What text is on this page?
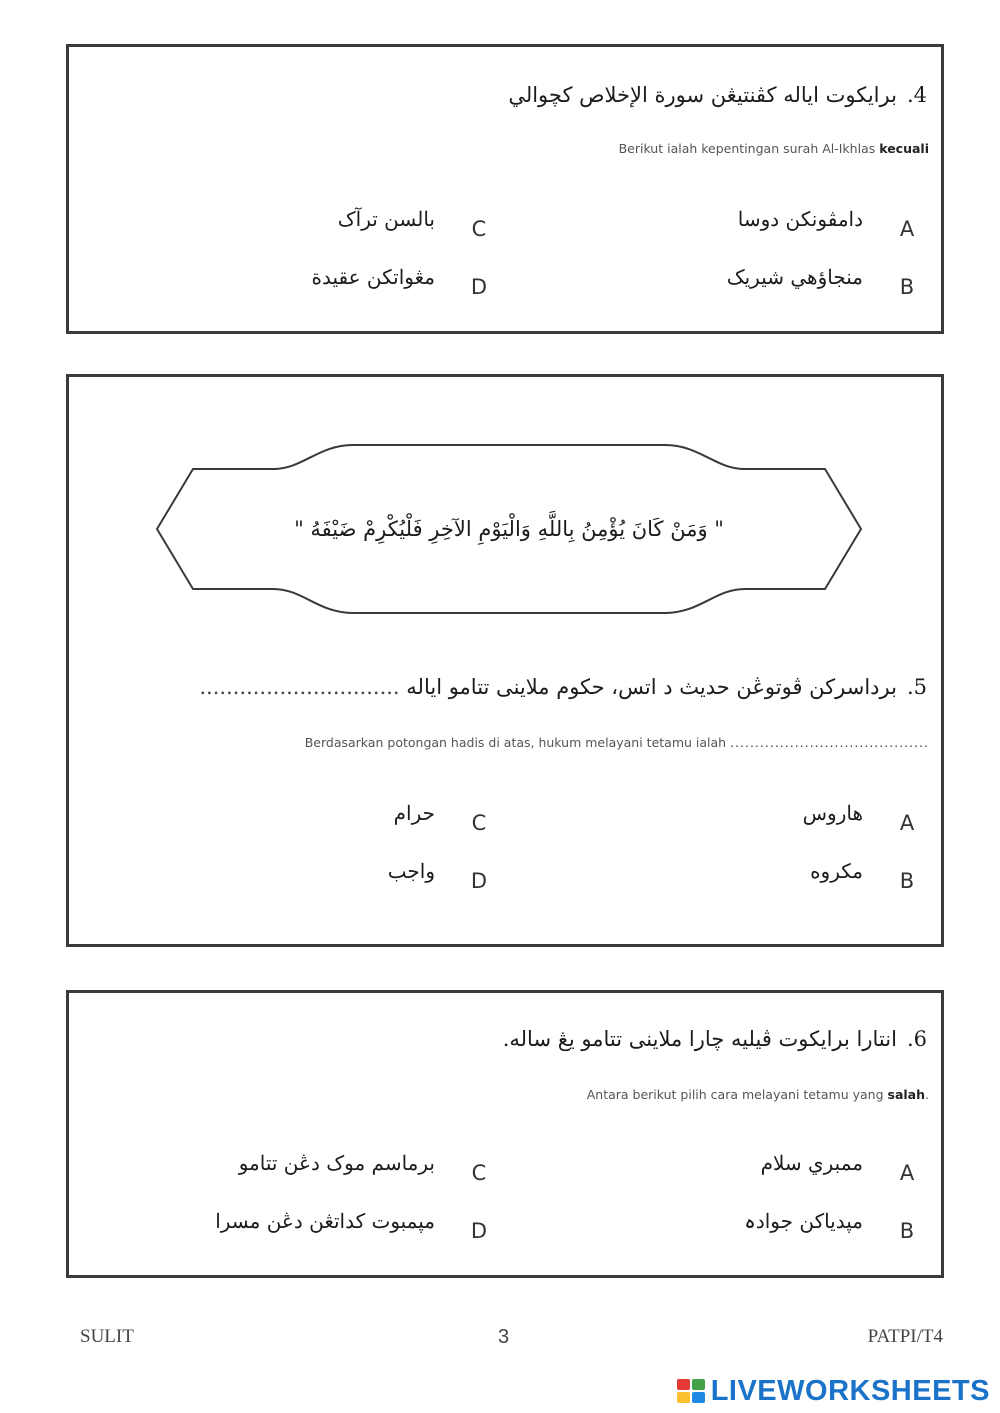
4.برايکوت اياله کڤنتيڠن سورة الإخلاص کچوالي
Berikut ialah kepentingan surah Al-Ikhlas kecuali
A
دامڤونکن دوسا
B
منجاؤهي شيريک
C
بالسن ترآک
D
مڠواتکن عقيدة
" وَمَنْ كَانَ يُؤْمِنُ بِاللَّهِ وَالْيَوْمِ الآخِرِ فَلْيُكْرِمْ ضَيْفَهُ "
5.برداسرکن ڤوتوڠن حديث د اتس، حکوم ملاينی تتامو اياله ..............................
Berdasarkan potongan hadis di atas, hukum melayani tetamu ialah ........................................
A
هاروس
B
مکروه
C
حرام
D
واجب
6.انتارا برايکوت ڤيليه چارا ملاينی تتامو يڠ ساله.
Antara berikut pilih cara melayani tetamu yang salah.
A
ممبري سلام
B
مڽدياکن جوادہ
C
برماسم موک دڠن تتامو
D
مڽمبوت کداتڠن دڠن مسرا
SULIT	3	PATPI/T4
LIVEWORKSHEETS
